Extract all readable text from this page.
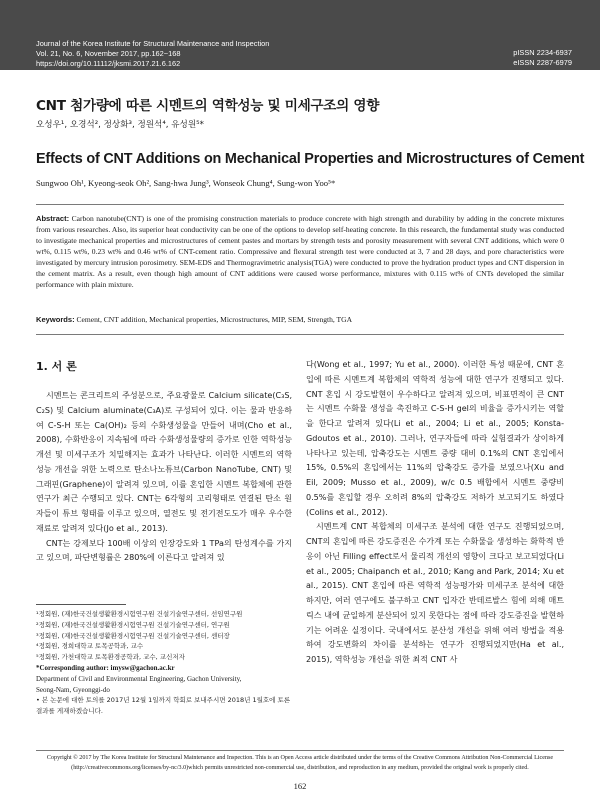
Journal of the Korea Institute for Structural Maintenance and Inspection
Vol. 21, No. 6, November 2017, pp.162~168
https://doi.org/10.11112/jksmi.2017.21.6.162
pISSN 2234-6937
eISSN 2287-6979
CNT 첨가량에 따른 시멘트의 역학성능 및 미세구조의 영향
오성우¹, 오경석², 정상화³, 정원석⁴, 유성원⁵*
Effects of CNT Additions on Mechanical Properties and Microstructures of Cement
Sungwoo Oh¹, Kyeong-seok Oh², Sang-hwa Jung³, Wonseok Chung⁴, Sung-won Yoo⁵*
Abstract: Carbon nanotube(CNT) is one of the promising construction materials to produce concrete with high strength and durability by adding in the concrete mixtures from various researches. Also, its superior heat conductivity can be one of the options to develop self-heating concrete. In this research, the fundamental study was conducted to investigate mechanical properties and microstructures of cement pastes and mortars by strength tests and porosity measurement with several CNT additions, which were 0 wt%, 0.115 wt%, 0.23 wt% and 0.46 wt% of CNT-cement ratio. Compressive and flexural strength test were conducted at 3, 7 and 28 days, and pore characteristics were investigated by mercury intrusion porosimetry. SEM-EDS and Thermogravimetric analysis(TGA) were conducted to prove the hydration product types and CNT dispersion in the cement matrix. As a result, even though high amount of CNT additions were caused worse performance, mixtures with 0.115 wt% of CNTs developed the similar performance with plain mixture.
Keywords: Cement, CNT addition, Mechanical properties, Microstructures, MIP, SEM, Strength, TGA
1. 서 론

시멘트는 콘크리트의 주성분으로, 주요광물로 Calcium silicate(C₃S, C₂S) 및 Calcium aluminate(C₃A)로 구성되어 있다. 이는 물과 반응하여 C-S-H 또는 Ca(OH)₂ 등의 수화생성물을 만들어 내며(Cho et al., 2008), 수화반응이 지속됨에 따라 수화생성물량의 증가로 인한 역학성능 개선 및 미세구조가 치밀해지는 효과가 나타난다. 이러한 시멘트의 역학성능 개선을 위한 노력으로 탄소나노튜브(Carbon NanoTube, CNT) 및 그래핀(Graphene)이 알려져 있으며, 이를 혼입한 시멘트 복합체에 관한 연구가 최근 수행되고 있다. CNT는 6각형의 고리형태로 연결된 탄소 원자들이 튜브 형태를 이루고 있으며, 열전도 및 전기전도도가 매우 우수한 재료로 알려져 있다(Jo et al., 2013).

CNT는 강제보다 100배 이상의 인장강도와 1 TPa의 탄성계수를 가지고 있으며, 파단변형률은 280%에 이른다고 알려져 있

다(Wong et al., 1997; Yu et al., 2000). 이러한 특성 때문에, CNT 혼입에 따른 시멘트계 복합체의 역학적 성능에 대한 연구가 진행되고 있다. CNT 혼입 시 강도발현이 우수하다고 알려져 있으며, 비표면적이 큰 CNT는 시멘트 수화물 생성을 촉진하고 C-S-H gel의 비율을 증가시키는 역할을 한다고 알려져 있다(Li et al., 2004; Li et al., 2005; Konsta-Gdoutos et al., 2010). 그러나, 연구자들에 따라 실험결과가 상이하게 나타나고 있는데, 압축강도는 시멘트 중량 대비 0.1%의 CNT 혼입에서 15%, 0.5%의 혼입에서는 11%의 압축강도 증가를 보였으나(Xu and Eil, 2009; Musso et al., 2009), w/c 0.5 배합에서 시멘트 중량비 0.5%를 혼입할 경우 오히려 8%의 압축강도 저하가 보고되기도 하였다(Colins et al., 2012).

시멘트계 CNT 복합체의 미세구조 분석에 대한 연구도 진행되었으며, CNT의 혼입에 따른 강도증진은 수가계 또는 수화물을 생성하는 화학적 반응이 아닌 Filling effect로서 물리적 개선의 영향이 크다고 보고되었다(Li et al., 2005; Chaipanch et al., 2010; Kang and Park, 2014; Xu et al., 2015). CNT 혼입에 따른 역학적 성능평가와 미세구조 분석에 대한 하지만, 여러 연구에도 불구하고 CNT 입자간 반데르발스 힘에 의해 매트릭스 내에 균일하게 분산되어 있지 못한다는 점에 따라 강도증진을 발현하기는 어려운 실정이다. 국내에서도 분산성 개선을 위해 여러 방법을 적용하여 강도변화의 차이를 분석하는 연구가 진행되었지만(Ha et al., 2015), 역학성능 개선을 위한 최적 CNT 사

¹정회원, (재)한국건설생활환경시험연구원 건설기술연구센터, 선임연구원
²정회원, (재)한국건설생활환경시험연구원 건설기술연구센터, 연구원
³정회원, (재)한국건설생활환경시험연구원 건설기술연구센터, 센터장
⁴정회원, 경희대학교 토목공학과, 교수
⁵정회원, 가천대학교 토목환경공학과, 교수, 교신저자
*Corresponding author: imysw@gachon.ac.kr
Department of Civil and Environmental Engineering, Gachon University,
Seong-Nam, Gyeonggi-do
• 본 논문에 대한 토의를 2017년 12월 1일까지 학회로 보내주시면 2018년 1월호에 토론결과를 게재하겠습니다.
Copyright © 2017 by The Korea Institute for Structural Maintenance and Inspection. This is an Open Access article distributed under the terms of the Creative Commons Attribution Non-Commercial License (http://creativecommons.org/licenses/by-nc/3.0)which permits unrestricted non-commercial use, distribution, and reproduction in any medium, provided the original work is properly cited.
162
